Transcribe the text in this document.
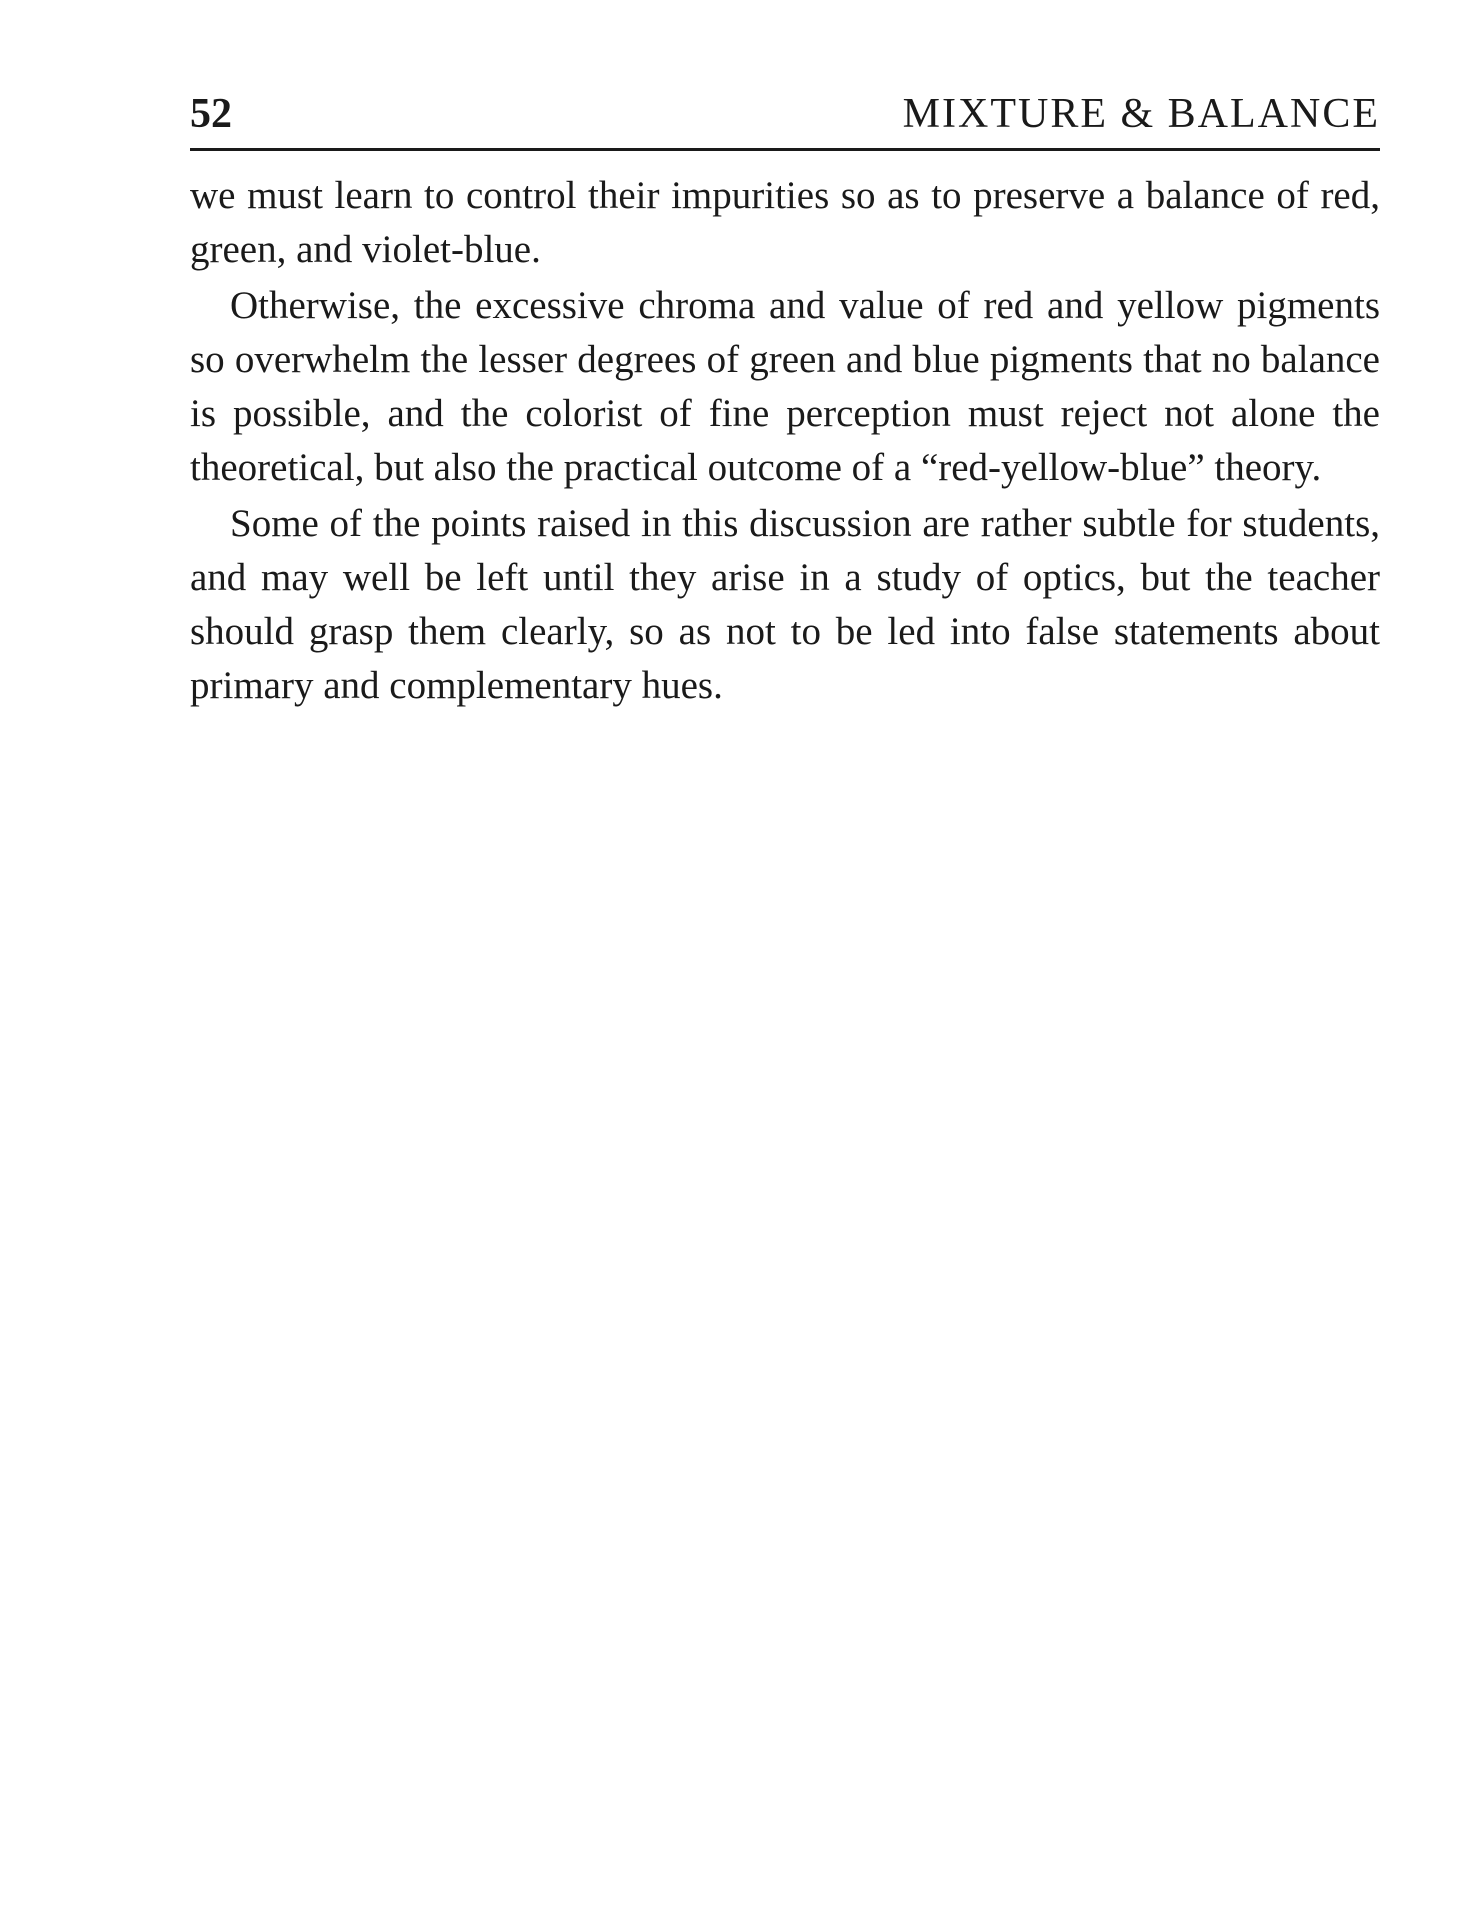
52	MIXTURE & BALANCE

we must learn to control their impurities so as to preserve a balance of red, green, and violet-blue.

Otherwise, the excessive chroma and value of red and yellow pigments so overwhelm the lesser degrees of green and blue pigments that no balance is possible, and the colorist of fine perception must reject not alone the theoretical, but also the practical outcome of a “red-yellow-blue” theory.

Some of the points raised in this discussion are rather subtle for students, and may well be left until they arise in a study of optics, but the teacher should grasp them clearly, so as not to be led into false statements about primary and complementary hues.
